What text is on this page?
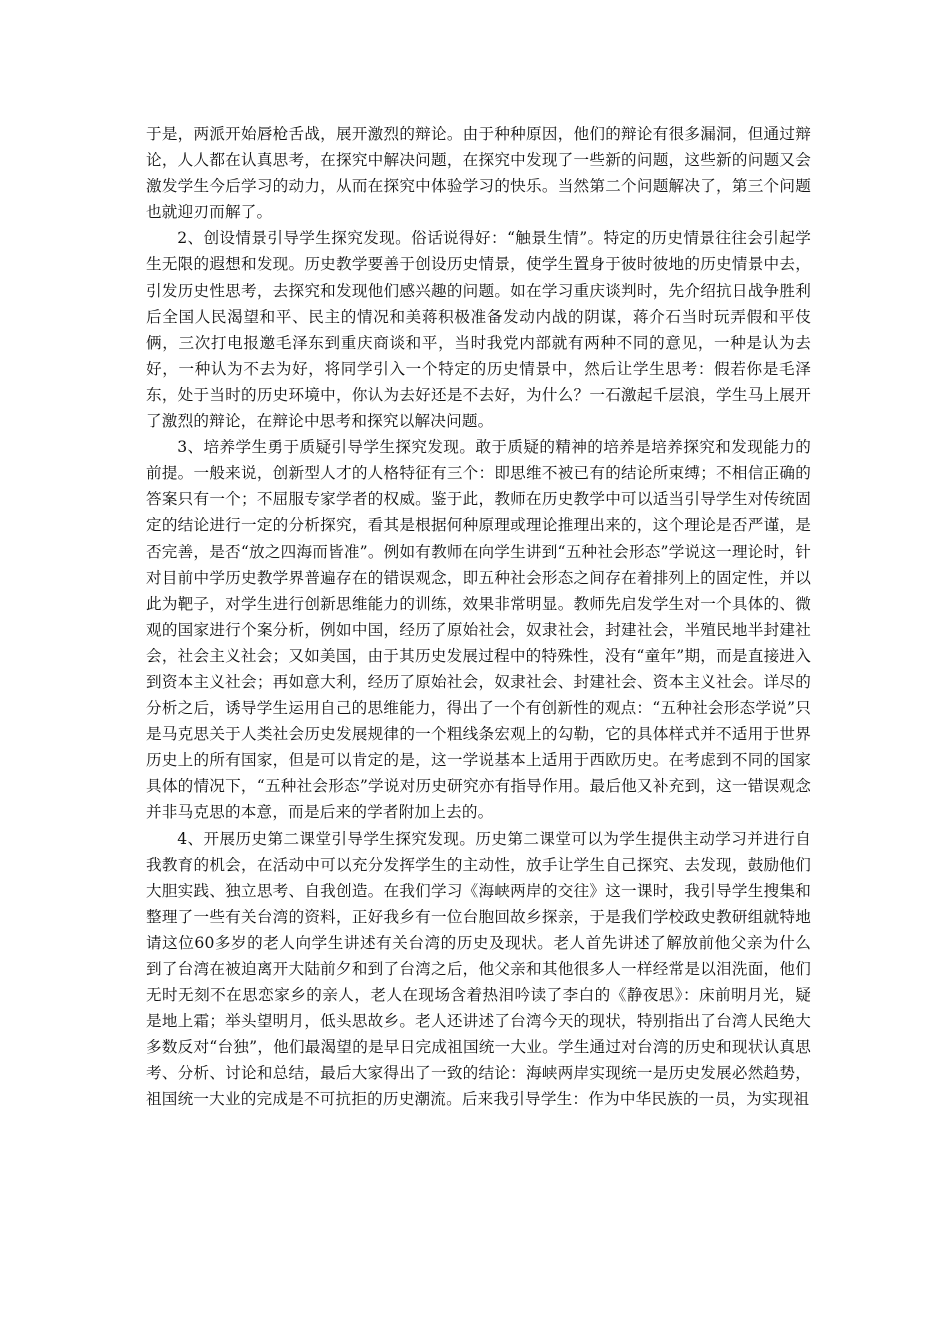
于是，两派开始唇枪舌战，展开激烈的辩论。由于种种原因，他们的辩论有很多漏洞，但通过辩论，人人都在认真思考，在探究中解决问题，在探究中发现了一些新的问题，这些新的问题又会激发学生今后学习的动力，从而在探究中体验学习的快乐。当然第二个问题解决了，第三个问题也就迎刃而解了。

2、创设情景引导学生探究发现。俗话说得好：“触景生情”。特定的历史情景往往会引起学生无限的遐想和发现。历史教学要善于创设历史情景，使学生置身于彼时彼地的历史情景中去，引发历史性思考，去探究和发现他们感兴趣的问题。如在学习重庆谈判时，先介绍抗日战争胜利后全国人民渴望和平、民主的情况和美蒋积极准备发动内战的阴谋，蒋介石当时玩弄假和平伎俩，三次打电报邀毛泽东到重庆商谈和平，当时我党内部就有两种不同的意见，一种是认为去好，一种认为不去为好，将同学引入一个特定的历史情景中，然后让学生思考：假若你是毛泽东，处于当时的历史环境中，你认为去好还是不去好，为什么？一石激起千层浪，学生马上展开了激烈的辩论，在辩论中思考和探究以解决问题。

3、培养学生勇于质疑引导学生探究发现。敢于质疑的精神的培养是培养探究和发现能力的前提。一般来说，创新型人才的人格特征有三个：即思维不被已有的结论所束缚；不相信正确的答案只有一个；不屈服专家学者的权威。鉴于此，教师在历史教学中可以适当引导学生对传统固定的结论进行一定的分析探究，看其是根据何种原理或理论推理出来的，这个理论是否严谨，是否完善，是否“放之四海而皆准”。例如有教师在向学生讲到“五种社会形态”学说这一理论时，针对目前中学历史教学界普遍存在的错误观念，即五种社会形态之间存在着排列上的固定性，并以此为靶子，对学生进行创新思维能力的训练，效果非常明显。教师先启发学生对一个具体的、微观的国家进行个案分析，例如中国，经历了原始社会，奴隶社会，封建社会，半殖民地半封建社会，社会主义社会；又如美国，由于其历史发展过程中的特殊性，没有“童年”期，而是直接进入到资本主义社会；再如意大利，经历了原始社会，奴隶社会、封建社会、资本主义社会。详尽的分析之后，诱导学生运用自己的思维能力，得出了一个有创新性的观点：“五种社会形态学说”只是马克思关于人类社会历史发展规律的一个粗线条宏观上的勾勒，它的具体样式并不适用于世界历史上的所有国家，但是可以肯定的是，这一学说基本上适用于西欧历史。在考虑到不同的国家具体的情况下，“五种社会形态”学说对历史研究亦有指导作用。最后他又补充到，这一错误观念并非马克思的本意，而是后来的学者附加上去的。

4、开展历史第二课堂引导学生探究发现。历史第二课堂可以为学生提供主动学习并进行自我教育的机会，在活动中可以充分发挥学生的主动性，放手让学生自己探究、去发现，鼓励他们大胆实践、独立思考、自我创造。在我们学习《海峡两岸的交往》这一课时，我引导学生搜集和整理了一些有关台湾的资料，正好我乡有一位台胞回故乡探亲，于是我们学校政史教研组就特地请这位60多岁的老人向学生讲述有关台湾的历史及现状。老人首先讲述了解放前他父亲为什么到了台湾在被迫离开大陆前夕和到了台湾之后，他父亲和其他很多人一样经常是以泪洗面，他们无时无刻不在思恋家乡的亲人，老人在现场含着热泪吟读了李白的《静夜思》：床前明月光，疑是地上霜；举头望明月，低头思故乡。老人还讲述了台湾今天的现状，特别指出了台湾人民绝大多数反对“台独”，他们最渴望的是早日完成祖国统一大业。学生通过对台湾的历史和现状认真思考、分析、讨论和总结，最后大家得出了一致的结论：海峡两岸实现统一是历史发展必然趋势，祖国统一大业的完成是不可抗拒的历史潮流。后来我引导学生：作为中华民族的一员，为实现祖
